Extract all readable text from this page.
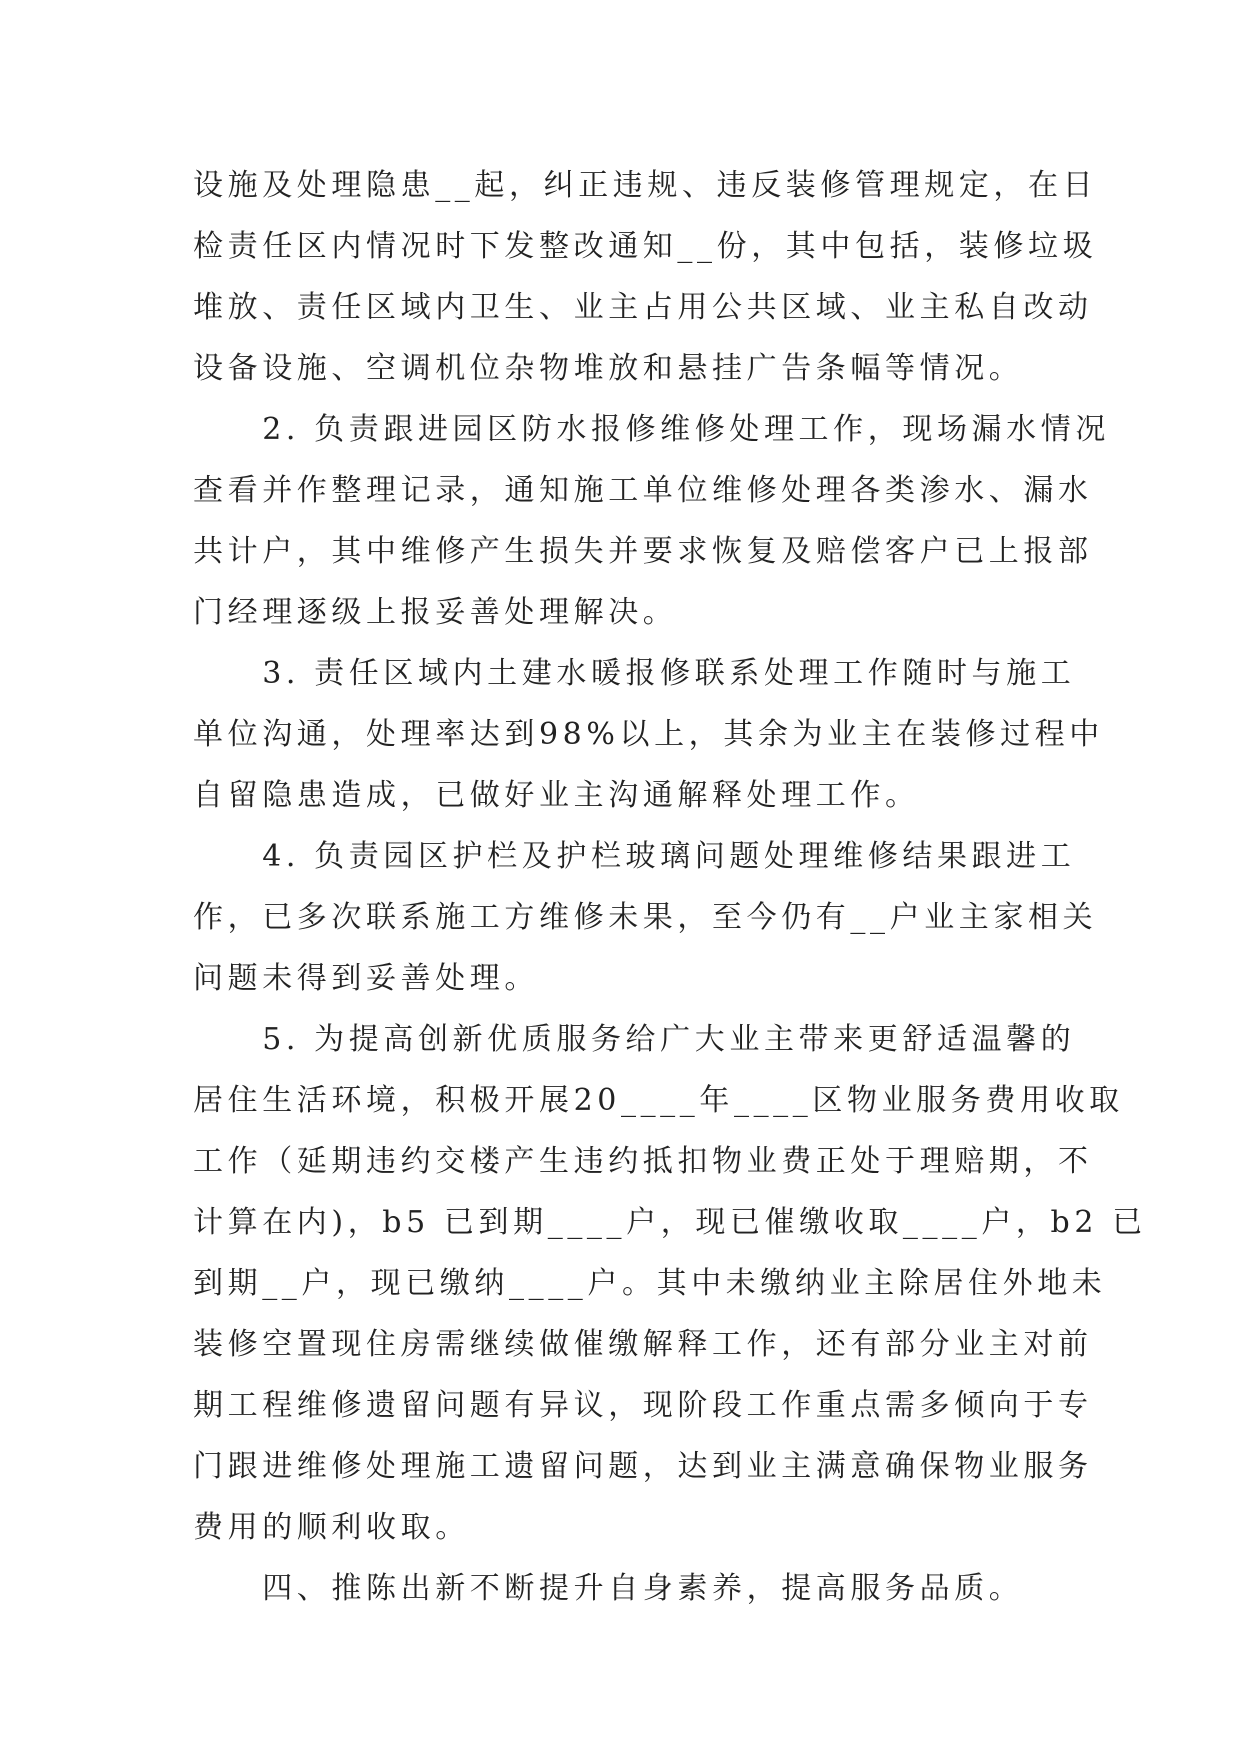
设施及处理隐患__起，纠正违规、违反装修管理规定，在日
检责任区内情况时下发整改通知__份，其中包括，装修垃圾
堆放、责任区域内卫生、业主占用公共区域、业主私自改动
设备设施、空调机位杂物堆放和悬挂广告条幅等情况。
　　2. 负责跟进园区防水报修维修处理工作，现场漏水情况
查看并作整理记录，通知施工单位维修处理各类渗水、漏水
共计户，其中维修产生损失并要求恢复及赔偿客户已上报部
门经理逐级上报妥善处理解决。
　　3. 责任区域内土建水暖报修联系处理工作随时与施工
单位沟通，处理率达到98%以上，其余为业主在装修过程中
自留隐患造成，已做好业主沟通解释处理工作。
　　4. 负责园区护栏及护栏玻璃问题处理维修结果跟进工
作，已多次联系施工方维修未果，至今仍有__户业主家相关
问题未得到妥善处理。
　　5. 为提高创新优质服务给广大业主带来更舒适温馨的
居住生活环境，积极开展20____年____区物业服务费用收取
工作（延期违约交楼产生违约抵扣物业费正处于理赔期，不
计算在内)，b5 已到期____户，现已催缴收取____户，b2 已
到期__户，现已缴纳____户。其中未缴纳业主除居住外地未
装修空置现住房需继续做催缴解释工作，还有部分业主对前
期工程维修遗留问题有异议，现阶段工作重点需多倾向于专
门跟进维修处理施工遗留问题，达到业主满意确保物业服务
费用的顺利收取。
　　四、推陈出新不断提升自身素养，提高服务品质。
